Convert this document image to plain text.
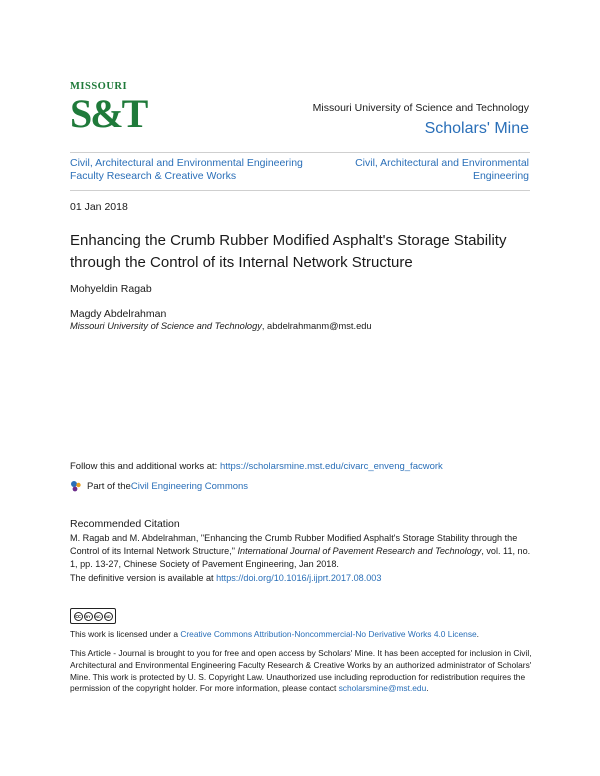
MISSOURI
S&T	Missouri University of Science and Technology
Scholars' Mine
Civil, Architectural and Environmental Engineering Faculty Research & Creative Works
Civil, Architectural and Environmental Engineering
01 Jan 2018
Enhancing the Crumb Rubber Modified Asphalt's Storage Stability through the Control of its Internal Network Structure
Mohyeldin Ragab
Magdy Abdelrahman
Missouri University of Science and Technology, abdelrahmanm@mst.edu
Follow this and additional works at: https://scholarsmine.mst.edu/civarc_enveng_facwork
Part of the Civil Engineering Commons
Recommended Citation
M. Ragab and M. Abdelrahman, "Enhancing the Crumb Rubber Modified Asphalt's Storage Stability through the Control of its Internal Network Structure," International Journal of Pavement Research and Technology, vol. 11, no. 1, pp. 13-27, Chinese Society of Pavement Engineering, Jan 2018.
The definitive version is available at https://doi.org/10.1016/j.ijprt.2017.08.003
cc	BY	NC	ND
This work is licensed under a Creative Commons Attribution-Noncommercial-No Derivative Works 4.0 License.
This Article - Journal is brought to you for free and open access by Scholars' Mine. It has been accepted for inclusion in Civil, Architectural and Environmental Engineering Faculty Research & Creative Works by an authorized administrator of Scholars' Mine. This work is protected by U. S. Copyright Law. Unauthorized use including reproduction for redistribution requires the permission of the copyright holder. For more information, please contact scholarsmine@mst.edu.
